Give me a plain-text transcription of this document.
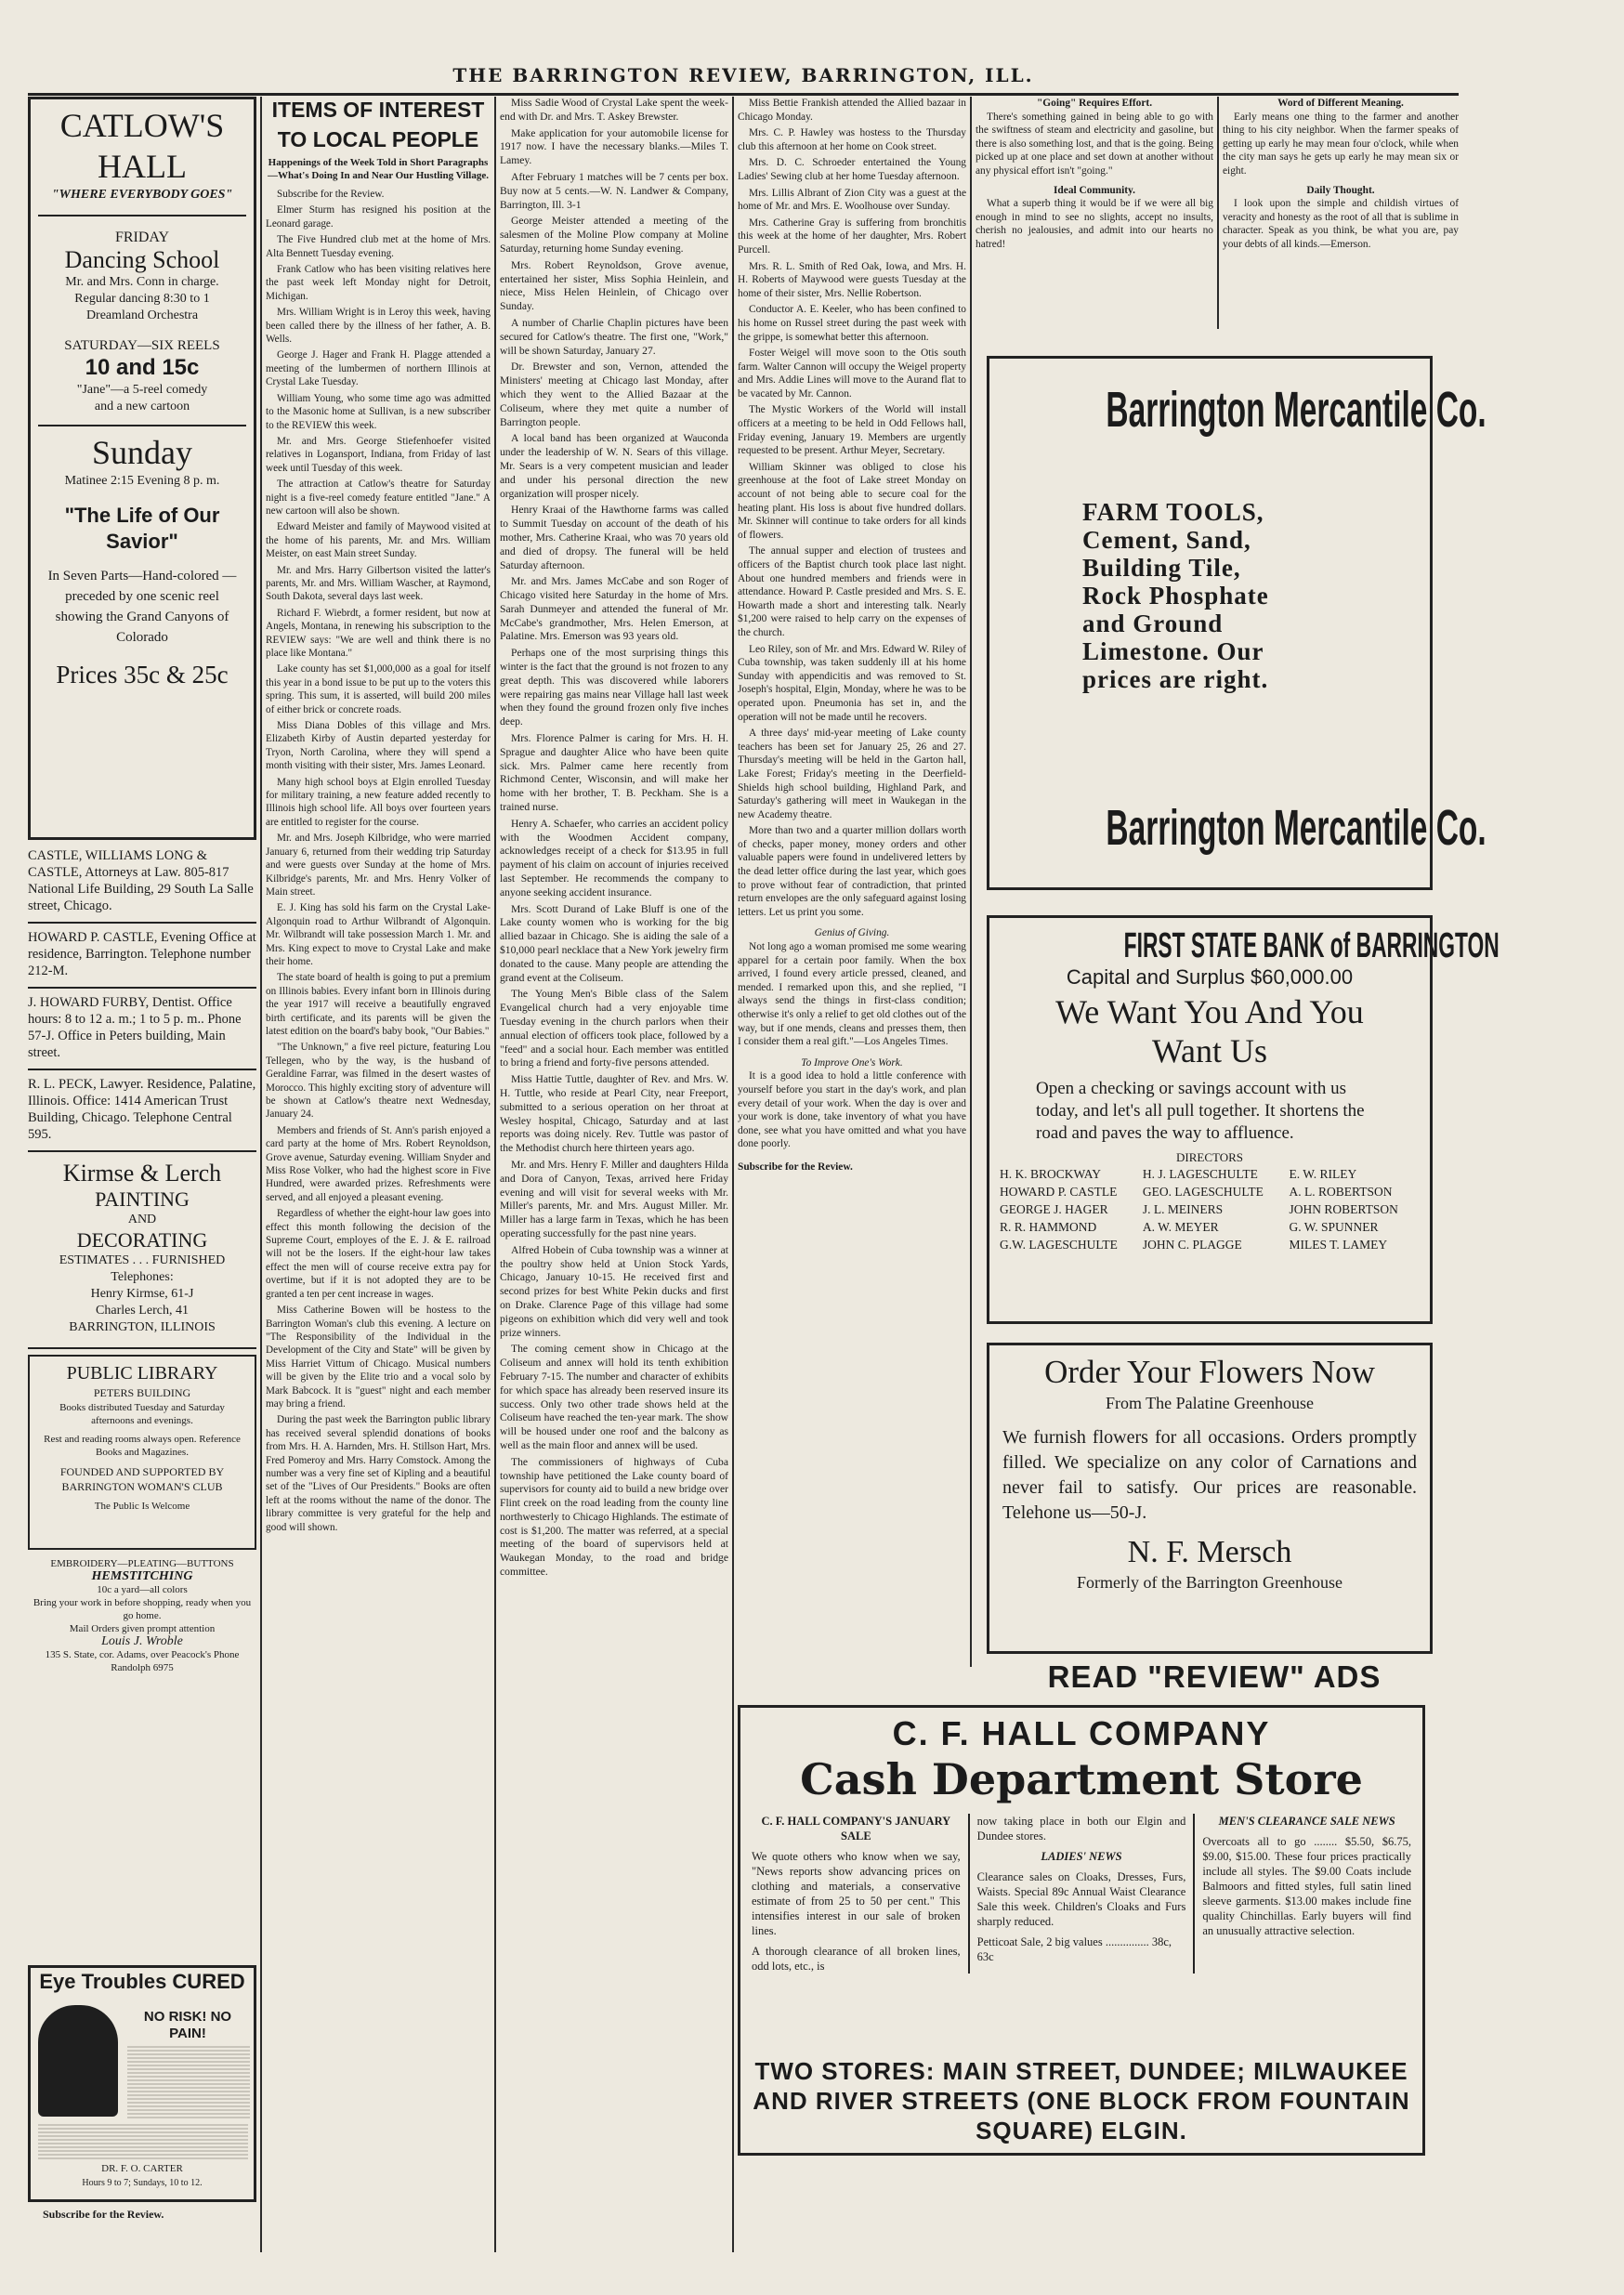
THE BARRINGTON REVIEW, BARRINGTON, ILL.
CATLOW'S HALL
"WHERE EVERYBODY GOES"
FRIDAY
Dancing School
Mr. and Mrs. Conn in charge.
Regular dancing 8:30 to 1
Dreamland Orchestra
SATURDAY—SIX REELS
10 and 15c
"Jane"—a 5-reel comedy
and a new cartoon
Sunday
Matinee 2:15 Evening 8 p. m.
"The Life of Our Savior"
In Seven Parts—Hand-colored —preceded by one scenic reel showing the Grand Canyons of Colorado
Prices 35c & 25c
CASTLE, WILLIAMS LONG & CASTLE, Attorneys at Law. 805-817 National Life Building, 29 South La Salle street, Chicago.
HOWARD P. CASTLE, Evening Office at residence, Barrington. Telephone number 212-M.
J. HOWARD FURBY, Dentist. Office hours: 8 to 12 a. m.; 1 to 5 p. m.. Phone 57-J. Office in Peters building, Main street.
R. L. PECK, Lawyer. Residence, Palatine, Illinois. Office: 1414 American Trust Building, Chicago. Telephone Central 595.
Kirmse & Lerch
PAINTING
AND
DECORATING
ESTIMATES . . . FURNISHED
Telephones:
Henry Kirmse, 61-J
Charles Lerch, 41
BARRINGTON, ILLINOIS
PUBLIC LIBRARY
PETERS BUILDING
Books distributed Tuesday and Saturday afternoons and evenings.
Rest and reading rooms always open. Reference Books and Magazines.
FOUNDED AND SUPPORTED BY BARRINGTON WOMAN'S CLUB
The Public Is Welcome
EMBROIDERY—PLEATING—BUTTONS
HEMSTITCHING
10c a yard—all colors
Bring your work in before shopping, ready when you go home.
Mail Orders given prompt attention
Louis J. Wroble
135 S. State, cor. Adams, over Peacock's Phone Randolph 6975
Eye Troubles CURED
NO RISK! NO PAIN!
DR. F. O. CARTER
Hours 9 to 7; Sundays, 10 to 12.
Subscribe for the Review.
ITEMS OF INTEREST
TO LOCAL PEOPLE
Happenings of the Week Told in Short Paragraphs—What's Doing In and Near Our Hustling Village.

Subscribe for the Review.

Elmer Sturm has resigned his position at the Leonard garage.

The Five Hundred club met at the home of Mrs. Alta Bennett Tuesday evening.

Frank Catlow who has been visiting relatives here the past week left Monday night for Detroit, Michigan.

Mrs. William Wright is in Leroy this week, having been called there by the illness of her father, A. B. Wells.

George J. Hager and Frank H. Plagge attended a meeting of the lumbermen of northern Illinois at Crystal Lake Tuesday.

William Young, who some time ago was admitted to the Masonic home at Sullivan, is a new subscriber to the REVIEW this week.

Mr. and Mrs. George Stiefenhoefer visited relatives in Logansport, Indiana, from Friday of last week until Tuesday of this week.

The attraction at Catlow's theatre for Saturday night is a five-reel comedy feature entitled "Jane." A new cartoon will also be shown.

Edward Meister and family of Maywood visited at the home of his parents, Mr. and Mrs. William Meister, on east Main street Sunday.

Mr. and Mrs. Harry Gilbertson visited the latter's parents, Mr. and Mrs. William Wascher, at Raymond, South Dakota, several days last week.

Richard F. Wiebrdt, a former resident, but now at Angels, Montana, in renewing his subscription to the REVIEW says: "We are well and think there is no place like Montana."

Lake county has set $1,000,000 as a goal for itself this year in a bond issue to be put up to the voters this spring. This sum, it is asserted, will build 200 miles of either brick or concrete roads.

Miss Diana Dobles of this village and Mrs. Elizabeth Kirby of Austin departed yesterday for Tryon, North Carolina, where they will spend a month visiting with their sister, Mrs. James Leonard.

Many high school boys at Elgin enrolled Tuesday for military training, a new feature added recently to Illinois high school life. All boys over fourteen years are entitled to register for the course.

Mr. and Mrs. Joseph Kilbridge, who were married January 6, returned from their wedding trip Saturday and were guests over Sunday at the home of Mrs. Kilbridge's parents, Mr. and Mrs. Henry Volker of Main street.

E. J. King has sold his farm on the Crystal Lake-Algonquin road to Arthur Wilbrandt of Algonquin. Mr. Wilbrandt will take possession March 1. Mr. and Mrs. King expect to move to Crystal Lake and make their home.

The state board of health is going to put a premium on Illinois babies. Every infant born in Illinois during the year 1917 will receive a beautifully engraved birth certificate, and its parents will be given the latest edition on the board's baby book, "Our Babies."

"The Unknown," a five reel picture, featuring Lou Tellegen, who by the way, is the husband of Geraldine Farrar, was filmed in the desert wastes of Morocco. This highly exciting story of adventure will be shown at Catlow's theatre next Wednesday, January 24.

Members and friends of St. Ann's parish enjoyed a card party at the home of Mrs. Robert Reynoldson, Grove avenue, Saturday evening. William Snyder and Miss Rose Volker, who had the highest score in Five Hundred, were awarded prizes. Refreshments were served, and all enjoyed a pleasant evening.

Regardless of whether the eight-hour law goes into effect this month following the decision of the Supreme Court, employes of the E. J. & E. railroad will not be the losers. If the eight-hour law takes effect the men will of course receive extra pay for overtime, but if it is not adopted they are to be granted a ten per cent increase in wages.

Miss Catherine Bowen will be hostess to the Barrington Woman's club this evening. A lecture on "The Responsibility of the Individual in the Development of the City and State" will be given by Miss Harriet Vittum of Chicago. Musical numbers will be given by the Elite trio and a vocal solo by Mark Babcock. It is "guest" night and each member may bring a friend.

During the past week the Barrington public library has received several splendid donations of books from Mrs. H. A. Harnden, Mrs. H. Stillson Hart, Mrs. Fred Pomeroy and Mrs. Harry Comstock. Among the number was a very fine set of Kipling and a beautiful set of the "Lives of Our Presidents." Books are often left at the rooms without the name of the donor. The library committee is very grateful for the help and good will shown.

Miss Sadie Wood of Crystal Lake spent the week-end with Dr. and Mrs. T. Askey Brewster.

Make application for your automobile license for 1917 now. I have the necessary blanks.—Miles T. Lamey.

After February 1 matches will be 7 cents per box. Buy now at 5 cents.—W. N. Landwer & Company, Barrington, Ill. 3-1

George Meister attended a meeting of the salesmen of the Moline Plow company at Moline Saturday, returning home Sunday evening.

Mrs. Robert Reynoldson, Grove avenue, entertained her sister, Miss Sophia Heinlein, and niece, Miss Helen Heinlein, of Chicago over Sunday.

A number of Charlie Chaplin pictures have been secured for Catlow's theatre. The first one, "Work," will be shown Saturday, January 27.

Dr. Brewster and son, Vernon, attended the Ministers' meeting at Chicago last Monday, after which they went to the Allied Bazaar at the Coliseum, where they met quite a number of Barrington people.

A local band has been organized at Wauconda under the leadership of W. N. Sears of this village. Mr. Sears is a very competent musician and leader and under his personal direction the new organization will prosper nicely.

Henry Kraai of the Hawthorne farms was called to Summit Tuesday on account of the death of his mother, Mrs. Catherine Kraai, who was 70 years old and died of dropsy. The funeral will be held Saturday afternoon.

Mr. and Mrs. James McCabe and son Roger of Chicago visited here Saturday in the home of Mrs. Sarah Dunmeyer and attended the funeral of Mr. McCabe's grandmother, Mrs. Helen Emerson, at Palatine. Mrs. Emerson was 93 years old.

Perhaps one of the most surprising things this winter is the fact that the ground is not frozen to any great depth. This was discovered while laborers were repairing gas mains near Village hall last week when they found the ground frozen only five inches deep.

Mrs. Florence Palmer is caring for Mrs. H. H. Sprague and daughter Alice who have been quite sick. Mrs. Palmer came here recently from Richmond Center, Wisconsin, and will make her home with her brother, T. B. Peckham. She is a trained nurse.

Henry A. Schaefer, who carries an accident policy with the Woodmen Accident company, acknowledges receipt of a check for $13.95 in full payment of his claim on account of injuries received last September. He recommends the company to anyone seeking accident insurance.

Mrs. Scott Durand of Lake Bluff is one of the Lake county women who is working for the big allied bazaar in Chicago. She is aiding the sale of a $10,000 pearl necklace that a New York jewelry firm donated to the cause. Many people are attending the grand event at the Coliseum.

The Young Men's Bible class of the Salem Evangelical church had a very enjoyable time Tuesday evening in the church parlors when their annual election of officers took place, followed by a "feed" and a social hour. Each member was entitled to bring a friend and forty-five persons attended.

Miss Hattie Tuttle, daughter of Rev. and Mrs. W. H. Tuttle, who reside at Pearl City, near Freeport, submitted to a serious operation on her throat at Wesley hospital, Chicago, Saturday and at last reports was doing nicely. Rev. Tuttle was pastor of the Methodist church here thirteen years ago.

Mr. and Mrs. Henry F. Miller and daughters Hilda and Dora of Canyon, Texas, arrived here Friday evening and will visit for several weeks with Mr. Miller's parents, Mr. and Mrs. August Miller. Mr. Miller has a large farm in Texas, which he has been operating successfully for the past nine years.

Alfred Hobein of Cuba township was a winner at the poultry show held at Union Stock Yards, Chicago, January 10-15. He received first and second prizes for best White Pekin ducks and first on Drake. Clarence Page of this village had some pigeons on exhibition which did very well and took prize winners.

The coming cement show in Chicago at the Coliseum and annex will hold its tenth exhibition February 7-15. The number and character of exhibits for which space has already been reserved insure its success. Only two other trade shows held at the Coliseum have reached the ten-year mark. The show will be housed under one roof and the balcony as well as the main floor and annex will be used.

The commissioners of highways of Cuba township have petitioned the Lake county board of supervisors for county aid to build a new bridge over Flint creek on the road leading from the county line northwesterly to Chicago Highlands. The estimate of cost is $1,200. The matter was referred, at a special meeting of the board of supervisors held at Waukegan Monday, to the road and bridge committee.

Miss Bettie Frankish attended the Allied bazaar in Chicago Monday.

Mrs. C. P. Hawley was hostess to the Thursday club this afternoon at her home on Cook street.

Mrs. D. C. Schroeder entertained the Young Ladies' Sewing club at her home Tuesday afternoon.

Mrs. Lillis Albrant of Zion City was a guest at the home of Mr. and Mrs. E. Woolhouse over Sunday.

Mrs. Catherine Gray is suffering from bronchitis this week at the home of her daughter, Mrs. Robert Purcell.

Mrs. R. L. Smith of Red Oak, Iowa, and Mrs. H. H. Roberts of Maywood were guests Tuesday at the home of their sister, Mrs. Nellie Robertson.

Conductor A. E. Keeler, who has been confined to his home on Russel street during the past week with the grippe, is somewhat better this afternoon.

Foster Weigel will move soon to the Otis south farm. Walter Cannon will occupy the Weigel property and Mrs. Addie Lines will move to the Aurand flat to be vacated by Mr. Cannon.

The Mystic Workers of the World will install officers at a meeting to be held in Odd Fellows hall, Friday evening, January 19. Members are urgently requested to be present. Arthur Meyer, Secretary.

William Skinner was obliged to close his greenhouse at the foot of Lake street Monday on account of not being able to secure coal for the heating plant. His loss is about five hundred dollars. Mr. Skinner will continue to take orders for all kinds of flowers.

The annual supper and election of trustees and officers of the Baptist church took place last night. About one hundred members and friends were in attendance. Howard P. Castle presided and Mrs. S. E. Howarth made a short and interesting talk. Nearly $1,200 were raised to help carry on the expenses of the church.

Leo Riley, son of Mr. and Mrs. Edward W. Riley of Cuba township, was taken suddenly ill at his home Sunday with appendicitis and was removed to St. Joseph's hospital, Elgin, Monday, where he was to be operated upon. Pneumonia has set in, and the operation will not be made until he recovers.

A three days' mid-year meeting of Lake county teachers has been set for January 25, 26 and 27. Thursday's meeting will be held in the Garton hall, Lake Forest; Friday's meeting in the Deerfield-Shields high school building, Highland Park, and Saturday's gathering will meet in Waukegan in the new Academy theatre.

More than two and a quarter million dollars worth of checks, paper money, money orders and other valuable papers were found in undelivered letters by the dead letter office during the last year, which goes to prove without fear of contradiction, that printed return envelopes are the only safeguard against losing letters. Let us print you some.

Genius of Giving.

Not long ago a woman promised me some wearing apparel for a certain poor family. When the box arrived, I found every article pressed, cleaned, and mended. I remarked upon this, and she replied, "I always send the things in first-class condition; otherwise it's only a relief to get old clothes out of the way, but if one mends, cleans and presses them, then I consider them a real gift."—Los Angeles Times.

To Improve One's Work.

It is a good idea to hold a little conference with yourself before you start in the day's work, and plan every detail of your work. When the day is over and your work is done, take inventory of what you have done, see what you have omitted and what you have done poorly.

Subscribe for the Review.
"Going" Requires Effort.

There's something gained in being able to go with the swiftness of steam and electricity and gasoline, but there is also something lost, and that is the going. Being picked up at one place and set down at another without any physical effort isn't "going."

Ideal Community.

What a superb thing it would be if we were all big enough in mind to see no slights, accept no insults, cherish no jealousies, and admit into our hearts no hatred!

Word of Different Meaning.

Early means one thing to the farmer and another thing to his city neighbor. When the farmer speaks of getting up early he may mean four o'clock, while when the city man says he gets up early he may mean six or eight.

Daily Thought.

I look upon the simple and childish virtues of veracity and honesty as the root of all that is sublime in character. Speak as you think, be what you are, pay your debts of all kinds.—Emerson.

Barrington Mercantile Co.
FARM TOOLS,
Cement, Sand,
Building Tile,
Rock Phosphate
and Ground
Limestone. Our
prices are right.
Barrington Mercantile Co.
FIRST STATE BANK of BARRINGTON
Capital and Surplus $60,000.00
We Want You And You
Want Us
Open a checking or savings account with us today, and let's all pull together. It shortens the road and paves the way to affluence.
DIRECTORS
H. K. BROCKWAY	H. J. LAGESCHULTE	E. W. RILEY
HOWARD P. CASTLE	GEO. LAGESCHULTE	A. L. ROBERTSON
GEORGE J. HAGER	J. L. MEINERS	JOHN ROBERTSON
R. R. HAMMOND	A. W. MEYER	G. W. SPUNNER
G.W. LAGESCHULTE	JOHN C. PLAGGE	MILES T. LAMEY
Order Your Flowers Now
From The Palatine Greenhouse
We furnish flowers for all occasions. Orders promptly filled. We specialize on any color of Carnations and never fail to satisfy. Our prices are reasonable. Telehone us—50-J.
N. F. Mersch
Formerly of the Barrington Greenhouse
READ "REVIEW" ADS
C. F. HALL COMPANY
Cash Department Store
C. F. HALL COMPANY'S JANUARY SALE
We quote others who know when we say, "News reports show advancing prices on clothing and materials, a conservative estimate of from 25 to 50 per cent." This intensifies interest in our sale of broken lines.
A thorough clearance of all broken lines, odd lots, etc., is
now taking place in both our Elgin and Dundee stores.
LADIES' NEWS
Clearance sales on Cloaks, Dresses, Furs, Waists. Special 89c Annual Waist Clearance Sale this week. Children's Cloaks and Furs sharply reduced.
Petticoat Sale, 2 big values ............... 38c, 63c
MEN'S CLEARANCE SALE NEWS
Overcoats all to go ........ $5.50, $6.75, $9.00, $15.00. These four prices practically include all styles. The $9.00 Coats include Balmoors and fitted styles, full satin lined sleeve garments. $13.00 makes include fine quality Chinchillas. Early buyers will find an unusually attractive selection.
TWO STORES: MAIN STREET, DUNDEE; MILWAUKEE AND RIVER STREETS (ONE BLOCK FROM FOUNTAIN SQUARE) ELGIN.
